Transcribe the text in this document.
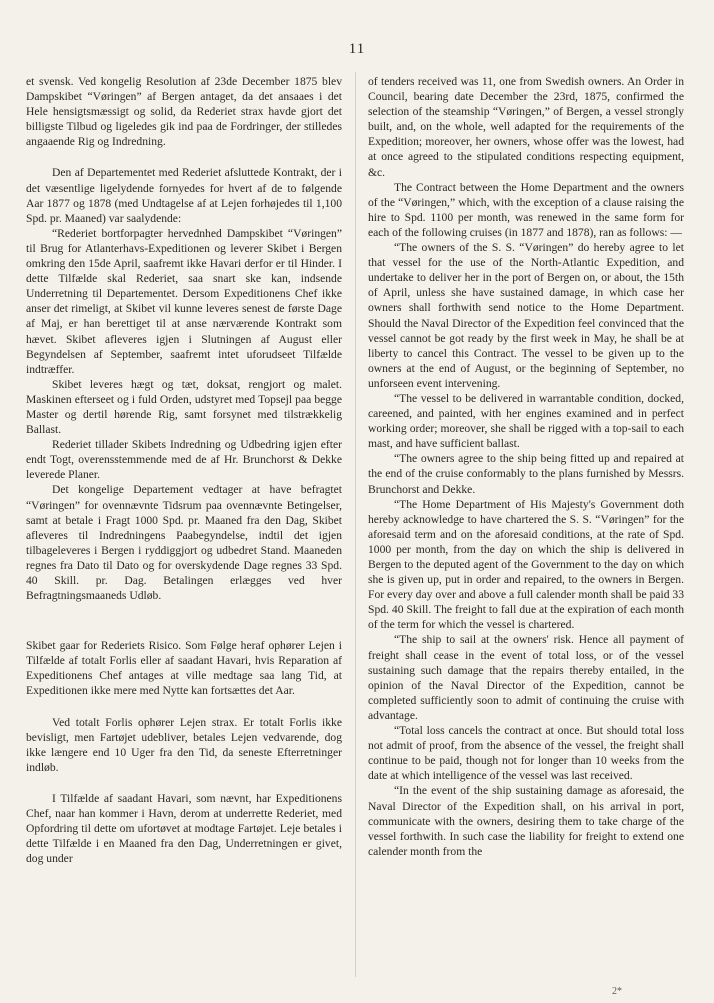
11

et svensk. Ved kongelig Resolution af 23de December 1875 blev Dampskibet “Vøringen” af Bergen antaget, da det ansaaes i det Hele hensigtsmæssigt og solid, da Rederiet strax havde gjort det billigste Tilbud og ligeledes gik ind paa de Fordringer, der stilledes angaaende Rig og Indredning.

Den af Departementet med Rederiet afsluttede Kontrakt, der i det væsentlige ligelydende fornyedes for hvert af de to følgende Aar 1877 og 1878 (med Undtagelse af at Lejen forhøjedes til 1,100 Spd. pr. Maaned) var saalydende:

“Rederiet bortforpagter hervednhed Dampskibet “Vøringen” til Brug for Atlanterhavs-Expeditionen og leverer Skibet i Bergen omkring den 15de April, saafremt ikke Havari derfor er til Hinder. I dette Tilfælde skal Rederiet, saa snart ske kan, indsende Underretning til Departementet. Dersom Expeditionens Chef ikke anser det rimeligt, at Skibet vil kunne leveres senest de første Dage af Maj, er han berettiget til at anse nærværende Kontrakt som hævet. Skibet afleveres igjen i Slutningen af August eller Begyndelsen af September, saafremt intet uforudseet Tilfælde indtræffer.

Skibet leveres hægt og tæt, doksat, rengjort og malet. Maskinen efterseet og i fuld Orden, udstyret med Topsejl paa begge Master og dertil hørende Rig, samt forsynet med tilstrækkelig Ballast.

Rederiet tillader Skibets Indredning og Udbedring igjen efter endt Togt, overensstemmende med de af Hr. Brunchorst & Dekke leverede Planer.

Det kongelige Departement vedtager at have befragtet “Vøringen” for ovennævnte Tidsrum paa ovennævnte Betingelser, samt at betale i Fragt 1000 Spd. pr. Maaned fra den Dag, Skibet afleveres til Indredningens Paabegyndelse, indtil det igjen tilbageleveres i Bergen i ryddiggjort og udbedret Stand. Maaneden regnes fra Dato til Dato og for overskydende Dage regnes 33 Spd. 40 Skill. pr. Dag. Betalingen erlægges ved hver Befragtningsmaaneds Udløb.

Skibet gaar for Rederiets Risico. Som Følge heraf ophører Lejen i Tilfælde af totalt Forlis eller af saadant Havari, hvis Reparation af Expeditionens Chef antages at ville medtage saa lang Tid, at Expeditionen ikke mere med Nytte kan fortsættes det Aar.

Ved totalt Forlis ophører Lejen strax. Er totalt Forlis ikke bevisligt, men Fartøjet udebliver, betales Lejen vedvarende, dog ikke længere end 10 Uger fra den Tid, da seneste Efterretninger indløb.

I Tilfælde af saadant Havari, som nævnt, har Expeditionens Chef, naar han kommer i Havn, derom at underrette Rederiet, med Opfordring til dette om ufortøvet at modtage Fartøjet. Leje betales i dette Tilfælde i en Maaned fra den Dag, Underretningen er givet, dog under

of tenders received was 11, one from Swedish owners. An Order in Council, bearing date December the 23rd, 1875, confirmed the selection of the steamship “Vøringen,” of Bergen, a vessel strongly built, and, on the whole, well adapted for the requirements of the Expedition; moreover, her owners, whose offer was the lowest, had at once agreed to the stipulated conditions respecting equipment, &c.

The Contract between the Home Department and the owners of the “Vøringen,” which, with the exception of a clause raising the hire to Spd. 1100 per month, was renewed in the same form for each of the following cruises (in 1877 and 1878), ran as follows: —

“The owners of the S. S. “Vøringen” do hereby agree to let that vessel for the use of the North-Atlantic Expedition, and undertake to deliver her in the port of Bergen on, or about, the 15th of April, unless she have sustained damage, in which case her owners shall forthwith send notice to the Home Department. Should the Naval Director of the Expedition feel convinced that the vessel cannot be got ready by the first week in May, he shall be at liberty to cancel this Contract. The vessel to be given up to the owners at the end of August, or the beginning of September, no unforseen event intervening.

“The vessel to be delivered in warrantable condition, docked, careened, and painted, with her engines examined and in perfect working order; moreover, she shall be rigged with a top-sail to each mast, and have sufficient ballast.

“The owners agree to the ship being fitted up and repaired at the end of the cruise conformably to the plans furnished by Messrs. Brunchorst and Dekke.

“The Home Department of His Majesty's Government doth hereby acknowledge to have chartered the S. S. “Vøringen” for the aforesaid term and on the aforesaid conditions, at the rate of Spd. 1000 per month, from the day on which the ship is delivered in Bergen to the deputed agent of the Government to the day on which she is given up, put in order and repaired, to the owners in Bergen. For every day over and above a full calender month shall be paid 33 Spd. 40 Skill. The freight to fall due at the expiration of each month of the term for which the vessel is chartered.

“The ship to sail at the owners' risk. Hence all payment of freight shall cease in the event of total loss, or of the vessel sustaining such damage that the repairs thereby entailed, in the opinion of the Naval Director of the Expedition, cannot be completed sufficiently soon to admit of continuing the cruise with advantage.

“Total loss cancels the contract at once. But should total loss not admit of proof, from the absence of the vessel, the freight shall continue to be paid, though not for longer than 10 weeks from the date at which intelligence of the vessel was last received.

“In the event of the ship sustaining damage as aforesaid, the Naval Director of the Expedition shall, on his arrival in port, communicate with the owners, desiring them to take charge of the vessel forthwith. In such case the liability for freight to extend one calender month from the

2*
